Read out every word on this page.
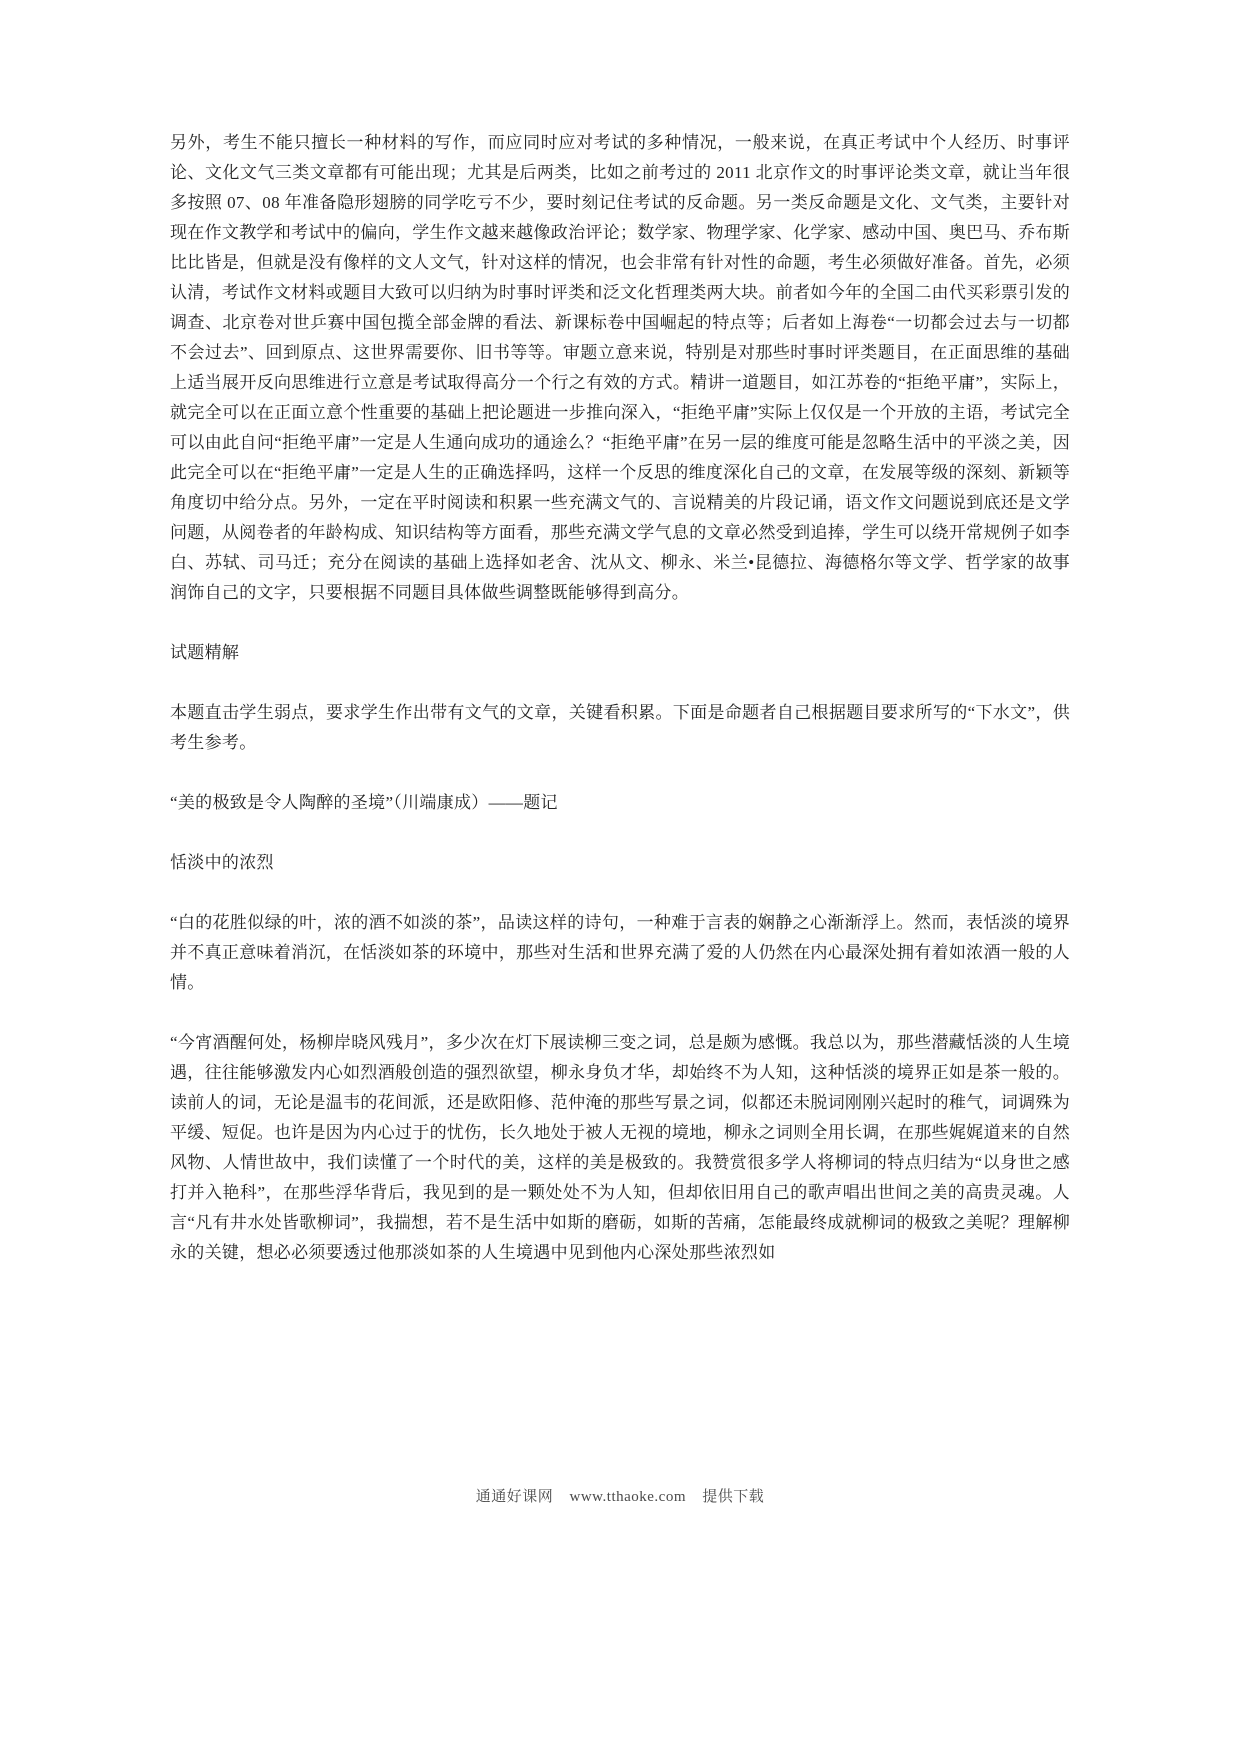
另外，考生不能只擅长一种材料的写作，而应同时应对考试的多种情况，一般来说，在真正考试中个人经历、时事评论、文化文气三类文章都有可能出现；尤其是后两类，比如之前考过的 2011 北京作文的时事评论类文章，就让当年很多按照 07、08 年准备隐形翅膀的同学吃亏不少，要时刻记住考试的反命题。另一类反命题是文化、文气类，主要针对现在作文教学和考试中的偏向，学生作文越来越像政治评论；数学家、物理学家、化学家、感动中国、奥巴马、乔布斯比比皆是，但就是没有像样的文人文气，针对这样的情况，也会非常有针对性的命题，考生必须做好准备。首先，必须认清，考试作文材料或题目大致可以归纳为时事时评类和泛文化哲理类两大块。前者如今年的全国二由代买彩票引发的调查、北京卷对世乒赛中国包揽全部金牌的看法、新课标卷中国崛起的特点等；后者如上海卷“一切都会过去与一切都不会过去”、回到原点、这世界需要你、旧书等等。审题立意来说，特别是对那些时事时评类题目，在正面思维的基础上适当展开反向思维进行立意是考试取得高分一个行之有效的方式。精讲一道题目，如江苏卷的“拒绝平庸”，实际上，就完全可以在正面立意个性重要的基础上把论题进一步推向深入，“拒绝平庸”实际上仅仅是一个开放的主语，考试完全可以由此自问“拒绝平庸”一定是人生通向成功的通途么？“拒绝平庸”在另一层的维度可能是忽略生活中的平淡之美，因此完全可以在“拒绝平庸”一定是人生的正确选择吗，这样一个反思的维度深化自己的文章，在发展等级的深刻、新颖等角度切中给分点。另外，一定在平时阅读和积累一些充满文气的、言说精美的片段记诵，语文作文问题说到底还是文学问题，从阅卷者的年龄构成、知识结构等方面看，那些充满文学气息的文章必然受到追捧，学生可以绕开常规例子如李白、苏轼、司马迁；充分在阅读的基础上选择如老舍、沈从文、柳永、米兰•昆德拉、海德格尔等文学、哲学家的故事润饰自己的文字，只要根据不同题目具体做些调整既能够得到高分。

试题精解

本题直击学生弱点，要求学生作出带有文气的文章，关键看积累。下面是命题者自己根据题目要求所写的“下水文”，供考生参考。

“美的极致是令人陶醉的圣境”（川端康成）——题记

恬淡中的浓烈

“白的花胜似绿的叶，浓的酒不如淡的茶”，品读这样的诗句，一种难于言表的娴静之心渐渐浮上。然而，表恬淡的境界并不真正意味着消沉，在恬淡如茶的环境中，那些对生活和世界充满了爱的人仍然在内心最深处拥有着如浓酒一般的人情。

“今宵酒醒何处，杨柳岸晓风残月”，多少次在灯下展读柳三变之词，总是颇为感慨。我总以为，那些潜藏恬淡的人生境遇，往往能够激发内心如烈酒般创造的强烈欲望，柳永身负才华，却始终不为人知，这种恬淡的境界正如是茶一般的。读前人的词，无论是温韦的花间派，还是欧阳修、范仲淹的那些写景之词，似都还未脱词刚刚兴起时的稚气，词调殊为平缓、短促。也许是因为内心过于的忧伤，长久地处于被人无视的境地，柳永之词则全用长调，在那些娓娓道来的自然风物、人情世故中，我们读懂了一个时代的美，这样的美是极致的。我赞赏很多学人将柳词的特点归结为“以身世之感打并入艳科”，在那些浮华背后，我见到的是一颗处处不为人知，但却依旧用自己的歌声唱出世间之美的高贵灵魂。人言“凡有井水处皆歌柳词”，我揣想，若不是生活中如斯的磨砺，如斯的苦痛，怎能最终成就柳词的极致之美呢？理解柳永的关键，想必必须要透过他那淡如茶的人生境遇中见到他内心深处那些浓烈如

通通好课网 www.tthaoke.com 提供下载
